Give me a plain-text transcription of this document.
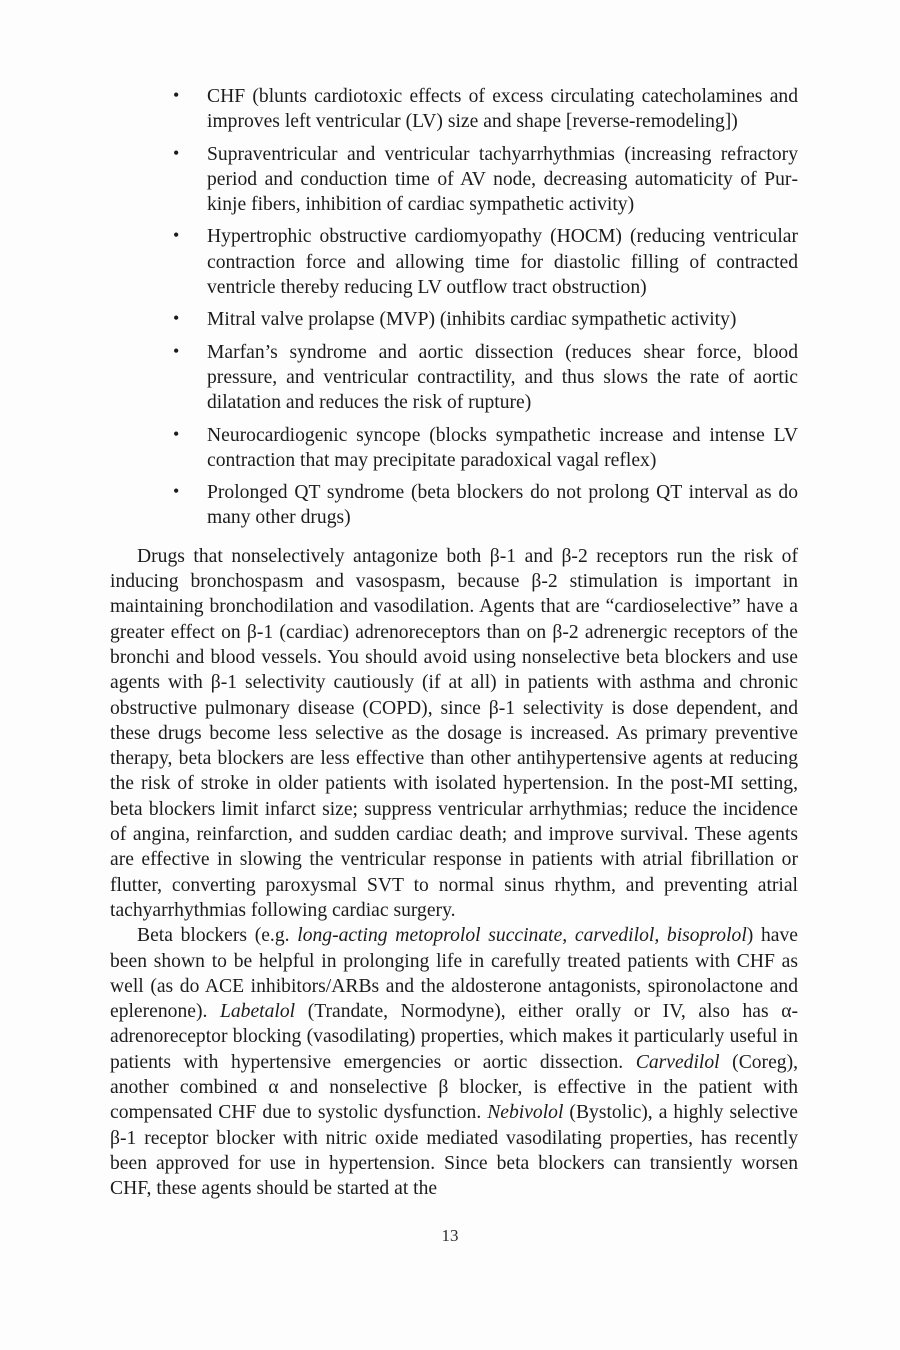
• CHF (blunts cardiotoxic effects of excess circulating catecholamines and improves left ventricular (LV) size and shape [reverse-remodeling])
• Supraventricular and ventricular tachyarrhythmias (increasing refractory period and conduction time of AV node, decreasing automaticity of Purkinje fibers, inhibition of cardiac sympathetic activity)
• Hypertrophic obstructive cardiomyopathy (HOCM) (reducing ventricular contraction force and allowing time for diastolic filling of contracted ventricle thereby reducing LV outflow tract obstruction)
• Mitral valve prolapse (MVP) (inhibits cardiac sympathetic activity)
• Marfan’s syndrome and aortic dissection (reduces shear force, blood pressure, and ventricular contractility, and thus slows the rate of aortic dilatation and reduces the risk of rupture)
• Neurocardiogenic syncope (blocks sympathetic increase and intense LV contraction that may precipitate paradoxical vagal reflex)
• Prolonged QT syndrome (beta blockers do not prolong QT interval as do many other drugs)

Drugs that nonselectively antagonize both β-1 and β-2 receptors run the risk of inducing bronchospasm and vasospasm, because β-2 stimulation is important in maintaining bronchodilation and vasodilation. Agents that are “cardioselective” have a greater effect on β-1 (cardiac) adrenoreceptors than on β-2 adrenergic receptors of the bronchi and blood vessels. You should avoid using nonselective beta blockers and use agents with β-1 selectivity cautiously (if at all) in patients with asthma and chronic obstructive pulmonary disease (COPD), since β-1 selectivity is dose dependent, and these drugs become less selective as the dosage is increased. As primary preventive therapy, beta blockers are less effective than other antihypertensive agents at reducing the risk of stroke in older patients with isolated hypertension. In the post-MI setting, beta blockers limit infarct size; suppress ventricular arrhythmias; reduce the incidence of angina, reinfarction, and sudden cardiac death; and improve survival. These agents are effective in slowing the ventricular response in patients with atrial fibrillation or flutter, converting paroxysmal SVT to normal sinus rhythm, and preventing atrial tachyarrhythmias following cardiac surgery.

Beta blockers (e.g. long-acting metoprolol succinate, carvedilol, bisoprolol) have been shown to be helpful in prolonging life in carefully treated patients with CHF as well (as do ACE inhibitors/ARBs and the aldosterone antagonists, spironolactone and eplerenone). Labetalol (Trandate, Normodyne), either orally or IV, also has α- adrenoreceptor blocking (vasodilating) properties, which makes it particularly useful in patients with hypertensive emergencies or aortic dissection. Carvedilol (Coreg), another combined α and nonselective β blocker, is effective in the patient with compensated CHF due to systolic dysfunction. Nebivolol (Bystolic), a highly selective β-1 receptor blocker with nitric oxide mediated vasodilating properties, has recently been approved for use in hypertension. Since beta blockers can transiently worsen CHF, these agents should be started at the

13
